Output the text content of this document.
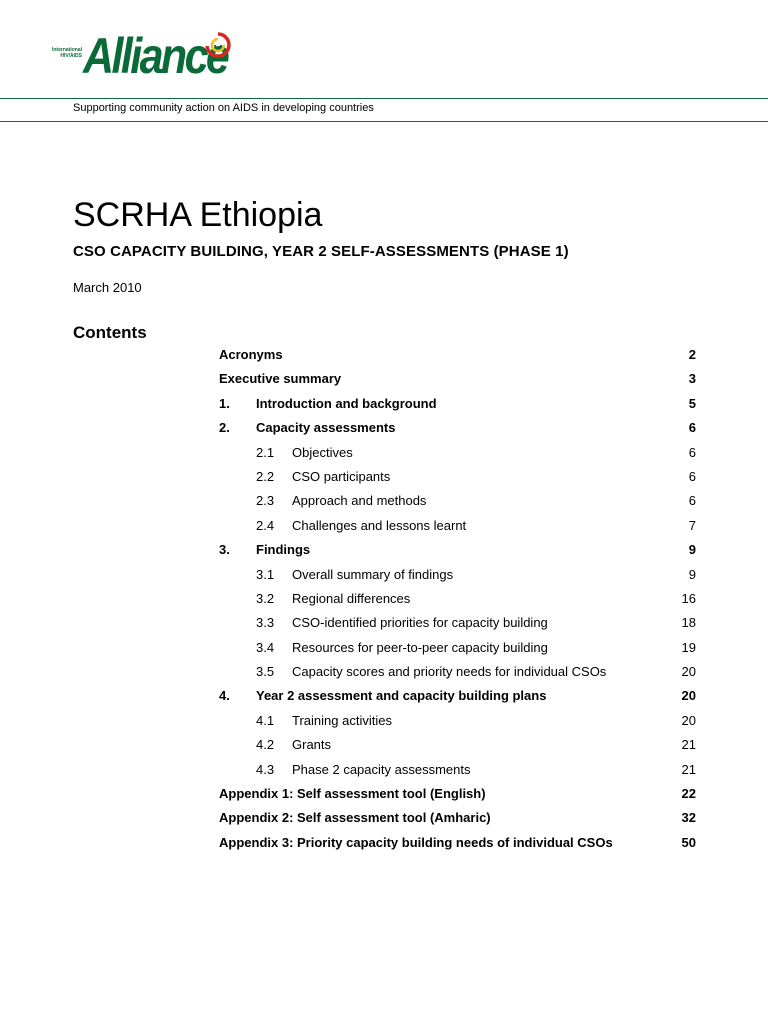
International
HIV/AIDS Alliance
Supporting community action on AIDS in developing countries
SCRHA Ethiopia
CSO CAPACITY BUILDING, YEAR 2 SELF-ASSESSMENTS (PHASE 1)
March 2010
Contents
Acronyms	2
Executive summary	3
1. Introduction and background	5
2. Capacity assessments	6
2.1 Objectives	6
2.2 CSO participants	6
2.3 Approach and methods	6
2.4 Challenges and lessons learnt	7
3. Findings	9
3.1 Overall summary of findings	9
3.2 Regional differences	16
3.3 CSO-identified priorities for capacity building	18
3.4 Resources for peer-to-peer capacity building	19
3.5 Capacity scores and priority needs for individual CSOs	20
4. Year 2 assessment and capacity building plans	20
4.1 Training activities	20
4.2 Grants	21
4.3 Phase 2 capacity assessments	21
Appendix 1: Self assessment tool (English)	22
Appendix 2: Self assessment tool (Amharic)	32
Appendix 3: Priority capacity building needs of individual CSOs	50
